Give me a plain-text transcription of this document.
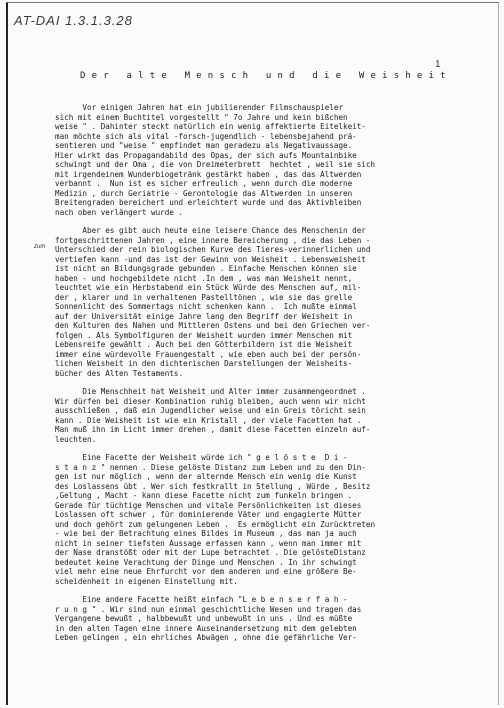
AT-DAI 1.3.1.3.28
1
Der alte Mensch und die Weisheit
zum
Vor einigen Jahren hat ein jubilierender Filmschauspieler
sich mit einem Buchtitel vorgestellt " 7o Jahre und kein bißchen
weise " . Dahinter steckt natürlich ein wenig affektierte Eitelkeit-
man möchte sich als vital -forsch-jugendlich - lebensbejahend prä-
sentieren und "weise " empfindet man geradezu als Negativaussage.
Hier wirkt das Propagandabild des Opas, der sich aufs Mountainbike
schwingt und der Oma , die von Dreimeterbrett  hechtet , weil sie sich
mit irgendeinem Wunderbiogetränk gestärkt haben , das das Altwerden
verbannt .  Nun ist es sicher erfreulich , wenn durch die moderne
Medizin , durch Geriatrie - Gerontologie das Altwerden in unseren
Breitengraden bereichert und erleichtert wurde und das Aktivbleiben
nach oben verlängert wurde .
Aber es gibt auch heute eine leisere Chance des Menschenin der
fortgeschrittenen Jahren , eine innere Bereicherung , die das Leben -
Unterschied der rein biologischen Kurve des Tieres-verinnerlichen und
vertiefen kann -und das ist der Gewinn von Weisheit . Lebensweisheit
ist nicht an Bildungsgrade gebunden . Einfache Menschen können sie
haben - und hochgebildete nicht .In dem , was man Weisheit nennt,
leuchtet wie ein Herbstabend ein Stück Würde des Menschen auf, mil-
der , klarer und in verhaltenen Pastelltönen , wie sie das grelle
Sonnenlicht des Sommertags nicht schenken kann .  Ich mußte einmal
auf der Universität einige Jahre lang den Begriff der Weisheit in
den Kulturen des Nahen und Mittleren Ostens und bei den Griechen ver-
folgen . Als Symbolfiguren der Weisheit wurden immer Menschen mit
Lebensreife gewählt . Auch bei den Götterbildern ist die Weisheit
immer eine würdevolle Frauengestalt , wie eben auch bei der persön-
lichen Weisheit in den dichterischen Darstellungen der Weisheits-
bücher des Alten Testaments.
Die Menschheit hat Weisheit und Alter immer zusammengeordnet .
Wir dürfen bei dieser Kombination ruhig bleiben, auch wenn wir nicht
ausschließen , daß ein Jugendlicher weise und ein Greis töricht sein
kann . Die Weisheit ist wie ein Kristall , der viele Facetten hat .
Man muß ihn im Licht immer drehen , damit diese Facetten einzeln auf-
leuchten.
Eine Facette der Weisheit würde ich " g e l ö s t e  D i -
s t a n z " nennen . Diese gelöste Distanz zum Leben und zu den Din-
gen ist nur möglich , wenn der alternde Mensch ein wenig die Kunst
des Loslassens übt . Wer sich festkrallt in Stellung , Würde , Besitz
,Geltung , Macht - kann diese Facette nicht zum funkeln bringen .
Gerade für tüchtige Menschen und vitale Persönlichkeiten ist dieses
Loslassen oft schwer , für dominierende Väter und engagierte Mütter
und doch gehört zum gelungenen Leben .  Es ermöglicht ein Zurücktreten
- wie bei der Betrachtung eines Bildes im Museum , das man ja auch
nicht in seiner tiefsten Aussage erfassen kann , wenn man immer mit
der Nase dranstößt oder mit der Lupe betrachtet . Die gelösteDistanz
bedeutet keine Verachtung der Dinge und Menschen . In ihr schwingt
viel mehr eine neue Ehrfurcht vor dem anderen und eine größere Be-
scheidenheit in eigenen Einstellung mit.
Eine andere Facette heißt einfach "L e b e n s e r f a h -
r u n g " . Wir sind nun einmal geschichtliche Wesen und tragen das
Vergangene bewußt , halbbewußt und unbewußt in uns . Und es müßte
in den alten Tagen eine innere Auseinandersetzung mit dem gelebten
Leben gelingen , ein ehrliches Abwägen , ohne die gefährliche Ver-
